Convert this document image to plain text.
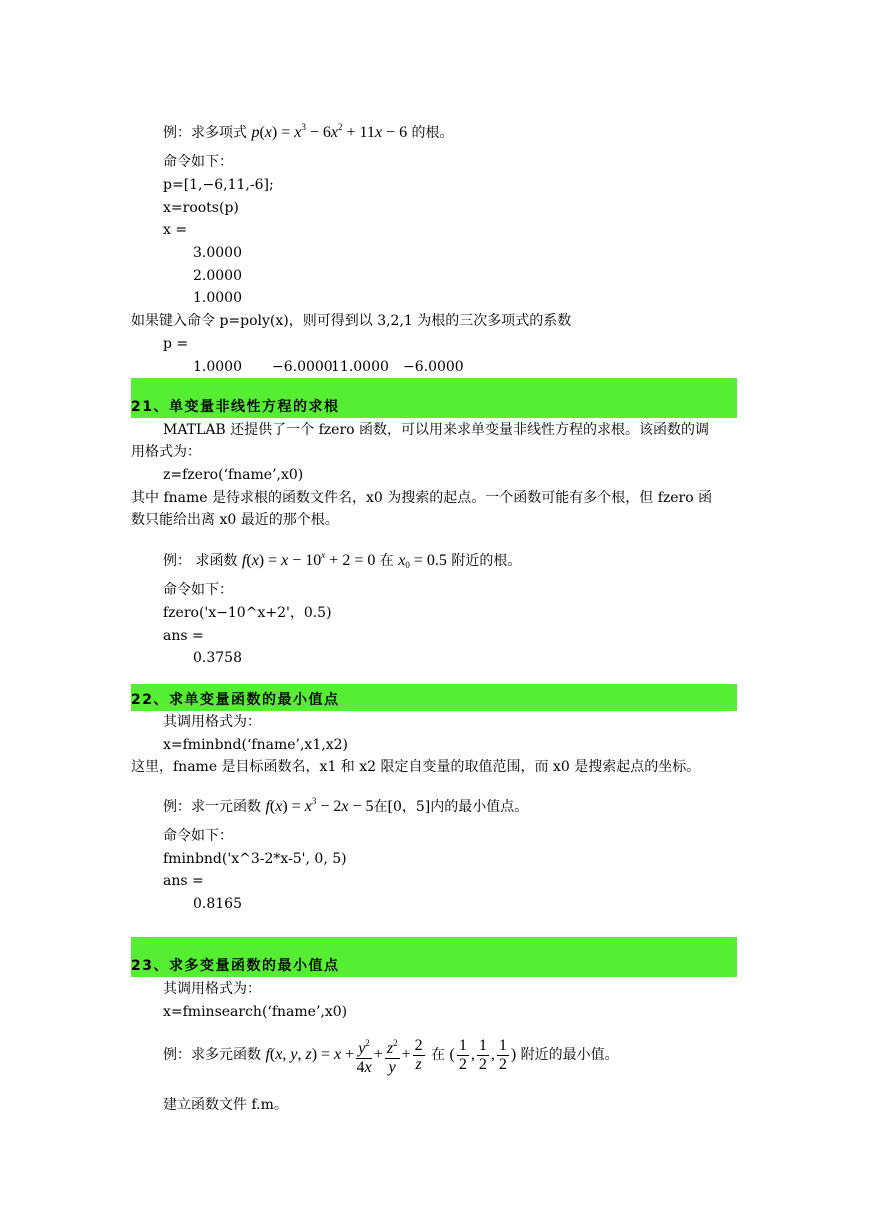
例：求多项式 $p(x) = x^3 - 6x^2 + 11x - 6$ 的根。
命令如下：
p=[1,−6,11,-6];
x=roots(p)
x =
3.0000
2.0000
1.0000
如果键入命令 p=poly(x)，则可得到以 3,2,1 为根的三次多项式的系数
p =
1.0000 −6.0000
11.0000 −6.0000
21、单变量非线性方程的求根
MATLAB 还提供了一个 fzero 函数，可以用来求单变量非线性方程的求根。该函数的调
用格式为：
z=fzero(‘fname’,x0)
其中 fname 是待求根的函数文件名，x0 为搜索的起点。一个函数可能有多个根，但 fzero 函
数只能给出离 x0 最近的那个根。
例： 求函数 $f(x) = x - 10^x + 2 = 0$ 在 $x_0 = 0.5$ 附近的根。
命令如下：
fzero('x−10^x+2'，0.5)
ans =
0.3758
22、求单变量函数的最小值点
其调用格式为：
x=fminbnd(‘fname’,x1,x2)
这里，fname 是目标函数名，x1 和 x2 限定自变量的取值范围，而 x0 是搜索起点的坐标。
例：求一元函数 $f(x) = x^3 - 2x - 5$在[0，5]内的最小值点。
命令如下：
fminbnd('x^3-2*x-5', 0, 5)
ans =
0.8165
23、求多变量函数的最小值点
其调用格式为：
x=fminsearch(‘fname’,x0)
例：求多元函数 f(x, y, $z) = x + \frac{y^2}{4x} + \frac{z^2}{y} + \frac{2}{z}$ 在 ( $\frac{1}{2}$ , $\frac{1}{2}$ , $\frac{1}{2}$ ) 附近的最小值。
建立函数文件 f.m。
